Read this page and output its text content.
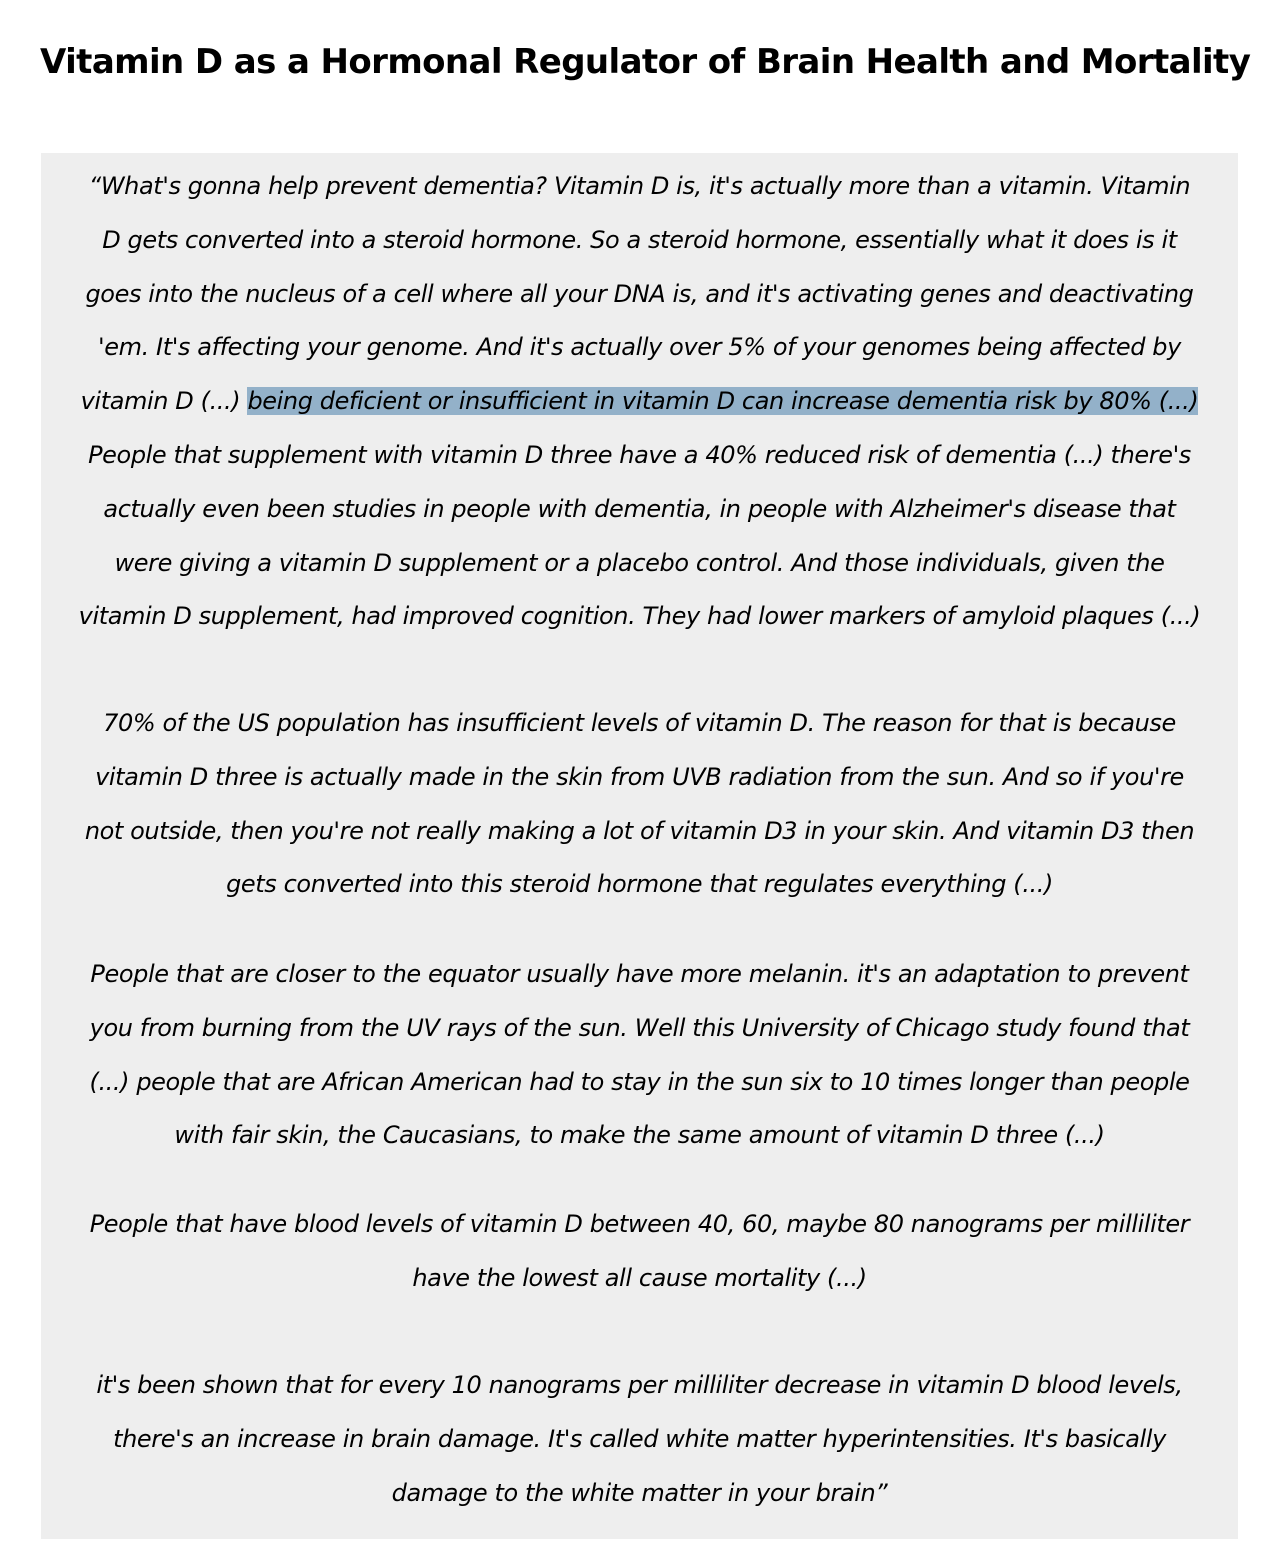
Vitamin D as a Hormonal Regulator of Brain Health and Mortality

“What's gonna help prevent dementia? Vitamin D is, it's actually more than a vitamin. Vitamin
D gets converted into a steroid hormone. So a steroid hormone, essentially what it does is it
goes into the nucleus of a cell where all your DNA is, and it's activating genes and deactivating
'em. It's affecting your genome. And it's actually over 5% of your genomes being affected by
vitamin D (...) being deficient or insufficient in vitamin D can increase dementia risk by 80% (...)
People that supplement with vitamin D three have a 40% reduced risk of dementia (...) there's
actually even been studies in people with dementia, in people with Alzheimer's disease that
were giving a vitamin D supplement or a placebo control. And those individuals, given the
vitamin D supplement, had improved cognition. They had lower markers of amyloid plaques (...)

70% of the US population has insufficient levels of vitamin D. The reason for that is because
vitamin D three is actually made in the skin from UVB radiation from the sun. And so if you're
not outside, then you're not really making a lot of vitamin D3 in your skin. And vitamin D3 then
gets converted into this steroid hormone that regulates everything (...)

People that are closer to the equator usually have more melanin. it's an adaptation to prevent
you from burning from the UV rays of the sun. Well this University of Chicago study found that
(...) people that are African American had to stay in the sun six to 10 times longer than people
with fair skin, the Caucasians, to make the same amount of vitamin D three (...)

People that have blood levels of vitamin D between 40, 60, maybe 80 nanograms per milliliter
have the lowest all cause mortality (...)

it's been shown that for every 10 nanograms per milliliter decrease in vitamin D blood levels,
there's an increase in brain damage. It's called white matter hyperintensities. It's basically
damage to the white matter in your brain”
